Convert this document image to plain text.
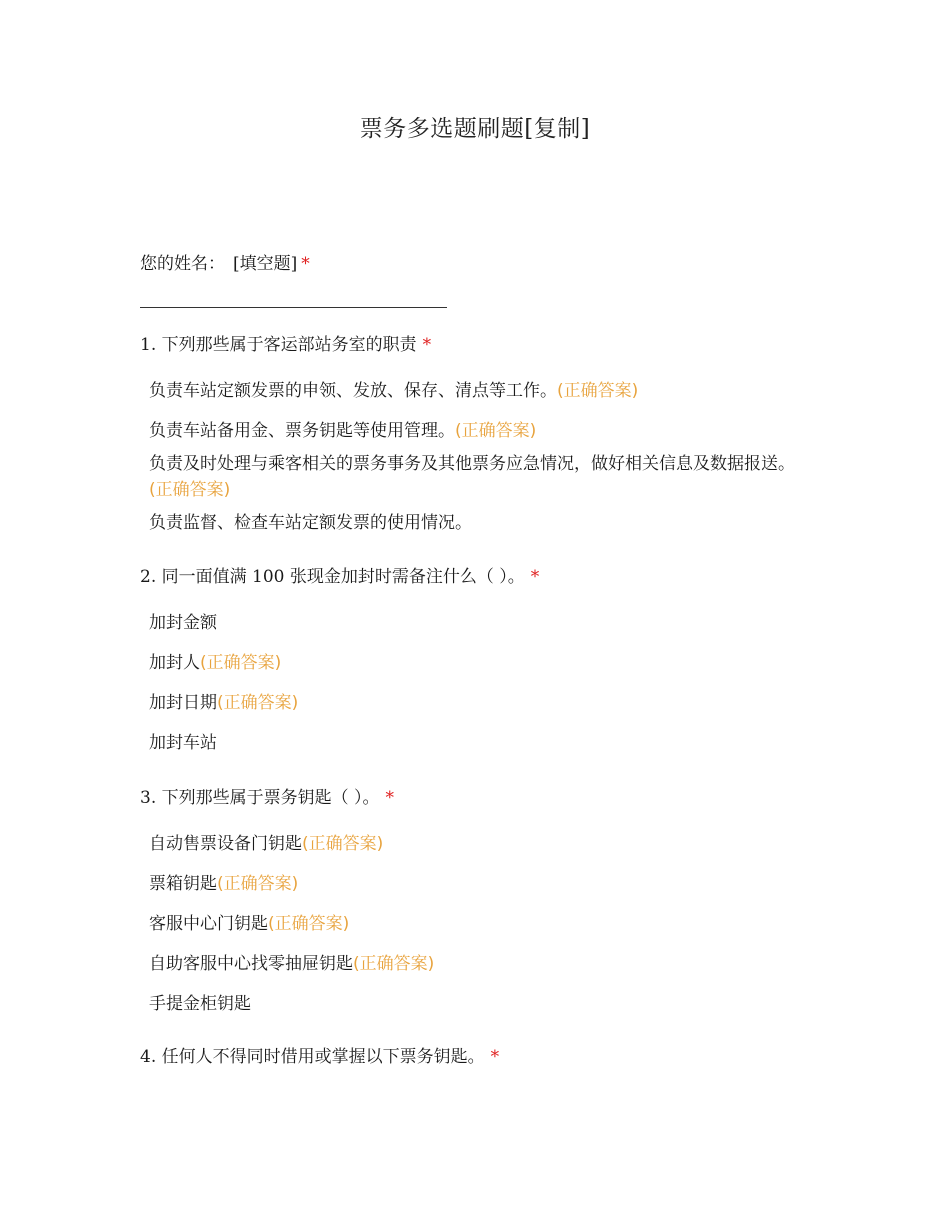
票务多选题刷题[复制]
您的姓名： [填空题] *
1. 下列那些属于客运部站务室的职责 *
负责车站定额发票的申领、发放、保存、清点等工作。(正确答案)
负责车站备用金、票务钥匙等使用管理。(正确答案)
负责及时处理与乘客相关的票务事务及其他票务应急情况，做好相关信息及数据报送。(正确答案)
负责监督、检查车站定额发票的使用情况。
2. 同一面值满 100 张现金加封时需备注什么（ ）。 *
加封金额
加封人(正确答案)
加封日期(正确答案)
加封车站
3. 下列那些属于票务钥匙（ ）。 *
自动售票设备门钥匙(正确答案)
票箱钥匙(正确答案)
客服中心门钥匙(正确答案)
自助客服中心找零抽屉钥匙(正确答案)
手提金柜钥匙
4. 任何人不得同时借用或掌握以下票务钥匙。 *
